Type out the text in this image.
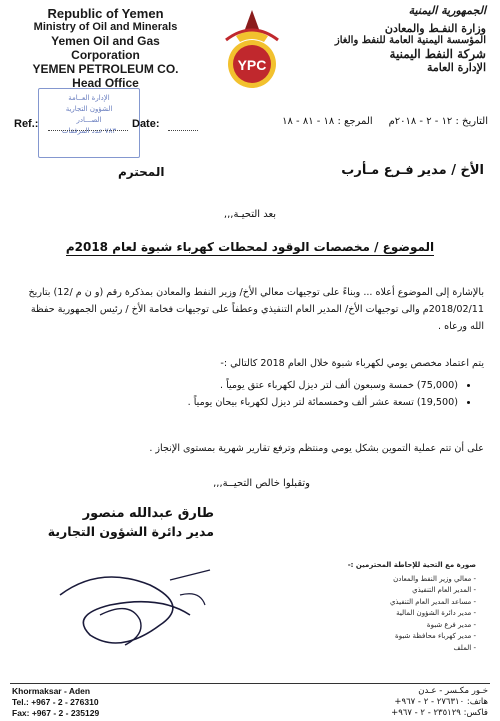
Republic of Yemen
Ministry of Oil and Minerals
Yemen Oil and Gas Corporation
YEMEN PETROLEUM CO.
Head Office
YPC
الجمهورية اليمنية
وزارة النفـط والمعادن
المؤسسة اليمنية العامة للنفط والغاز
شركة النفط اليمنية
الإدارة العامة
الإدارة العــامة
الشؤون التجارية
الصـــادر
٧٨٣ عدد المرفقات
Ref.:	Date:	التاريخ : ١٢ - ٢ - ٢٠١٨م     المرجع : ١٨ - ٨١ - ١٨
الأخ / مدير فـرع مـأرب
المحترم
بعد التحيـة,,,
الموضوع / مخصصات الوقود لمحطات كهرباء شبوة لعام 2018م
بالإشارة إلى الموضوع أعلاه ... وبناءً على توجيهات معالي الأخ/ وزير النفط والمعادن بمذكرة رقم (و ن م /12) بتاريخ 2018/02/11م والى توجيهات الأخ/ المدير العام التنفيذي وعطفاً على توجيهات فخامة الأخ / رئيس الجمهورية حفظة الله ورعاه .
يتم اعتماد مخصص يومي لكهرباء شبوة خلال العام 2018 كالتالي :-
• (75,000) خمسة وسبعون ألف لتر ديزل لكهرباء عتق يومياً .
• (19,500) تسعة عشر ألف وخمسمائة لتر ديزل لكهرباء بيحان يومياً .
على أن تتم عملية التموين بشكل يومي ومنتظم وترفع تقارير شهرية بمستوى الإنجاز .
وتقبلوا خالص التحيــة,,,
طارق عبدالله منصور
مدير دائرة الشؤون التجارية
صورة مع التحية للإحاطة المحترمين :-
- معالي وزير النفط والمعادن
- المدير العام التنفيذي
- مساعد المدير العام التنفيذي
- مدير دائرة الشؤون المالية
- مدير فرع شبوة
- مدير كهرباء محافظة شبوة
- الملف
Khormaksar - Aden
Tel.: +967 - 2 - 276310
Fax: +967 - 2 - 235129
خـور مكـسر - عـدن
هاتف: ٢٧٦٣١٠ - ٢ - ٩٦٧+
فاكس: ٢٣٥١٢٩ - ٢ - ٩٦٧+
